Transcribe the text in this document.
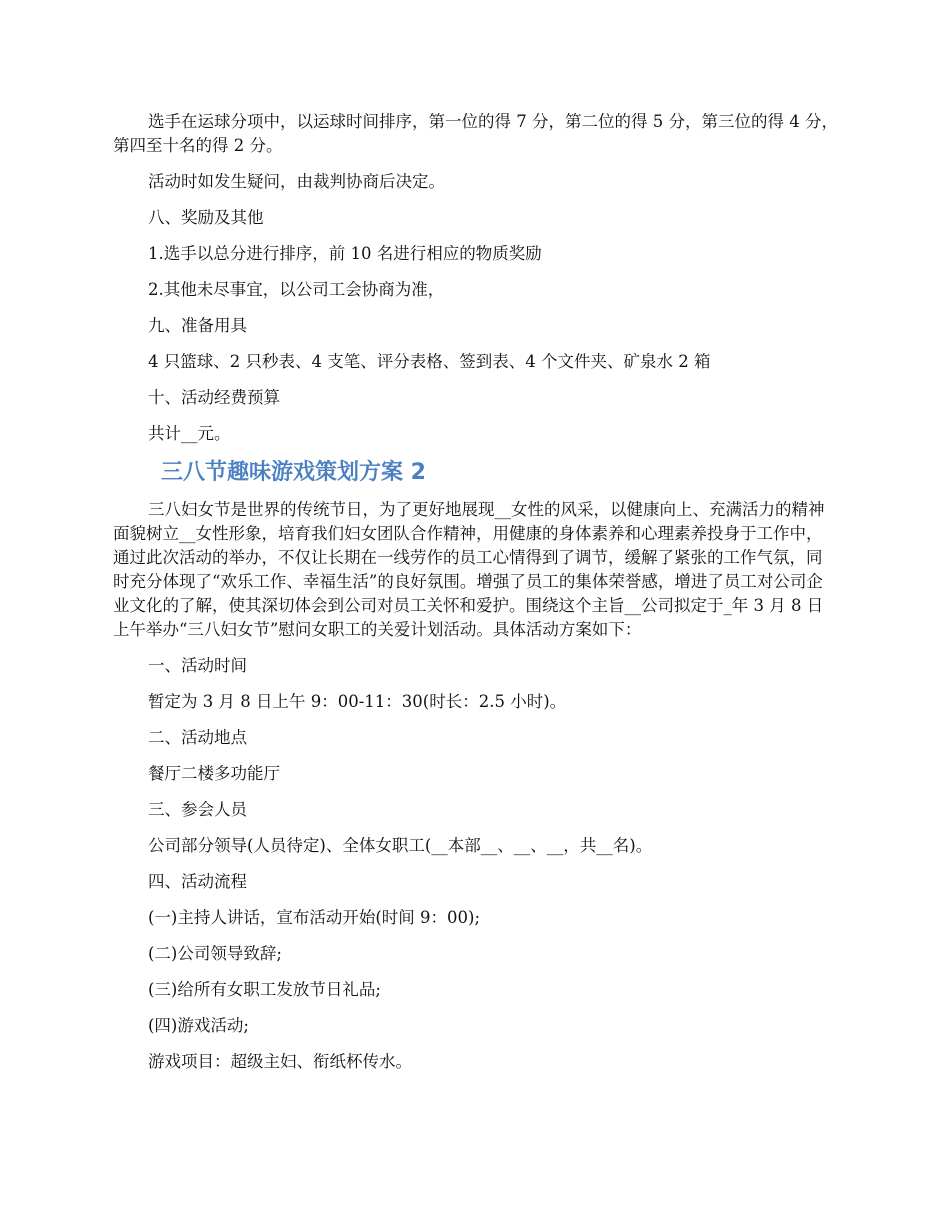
选手在运球分项中，以运球时间排序，第一位的得 7 分，第二位的得 5 分，第三位的得 4 分，第四至十名的得 2 分。

活动时如发生疑问，由裁判协商后决定。

八、奖励及其他

1.选手以总分进行排序，前 10 名进行相应的物质奖励

2.其他未尽事宜，以公司工会协商为准，

九、准备用具

4 只篮球、2 只秒表、4 支笔、评分表格、签到表、4 个文件夹、矿泉水 2 箱

十、活动经费预算

共计__元。

三八节趣味游戏策划方案 2

三八妇女节是世界的传统节日，为了更好地展现__女性的风采，以健康向上、充满活力的精神面貌树立__女性形象，培育我们妇女团队合作精神，用健康的身体素养和心理素养投身于工作中，通过此次活动的举办，不仅让长期在一线劳作的员工心情得到了调节，缓解了紧张的工作气氛，同时充分体现了“欢乐工作、幸福生活”的良好氛围。增强了员工的集体荣誉感，增进了员工对公司企业文化的了解，使其深切体会到公司对员工关怀和爱护。围绕这个主旨__公司拟定于_年 3 月 8 日上午举办“三八妇女节”慰问女职工的关爱计划活动。具体活动方案如下：

一、活动时间

暂定为 3 月 8 日上午 9：00-11：30(时长：2.5 小时)。

二、活动地点

餐厅二楼多功能厅

三、参会人员

公司部分领导(人员待定)、全体女职工(__本部__、__、__，共__名)。

四、活动流程

(一)主持人讲话，宣布活动开始(时间 9：00);

(二)公司领导致辞;

(三)给所有女职工发放节日礼品;

(四)游戏活动;

游戏项目：超级主妇、衔纸杯传水。
